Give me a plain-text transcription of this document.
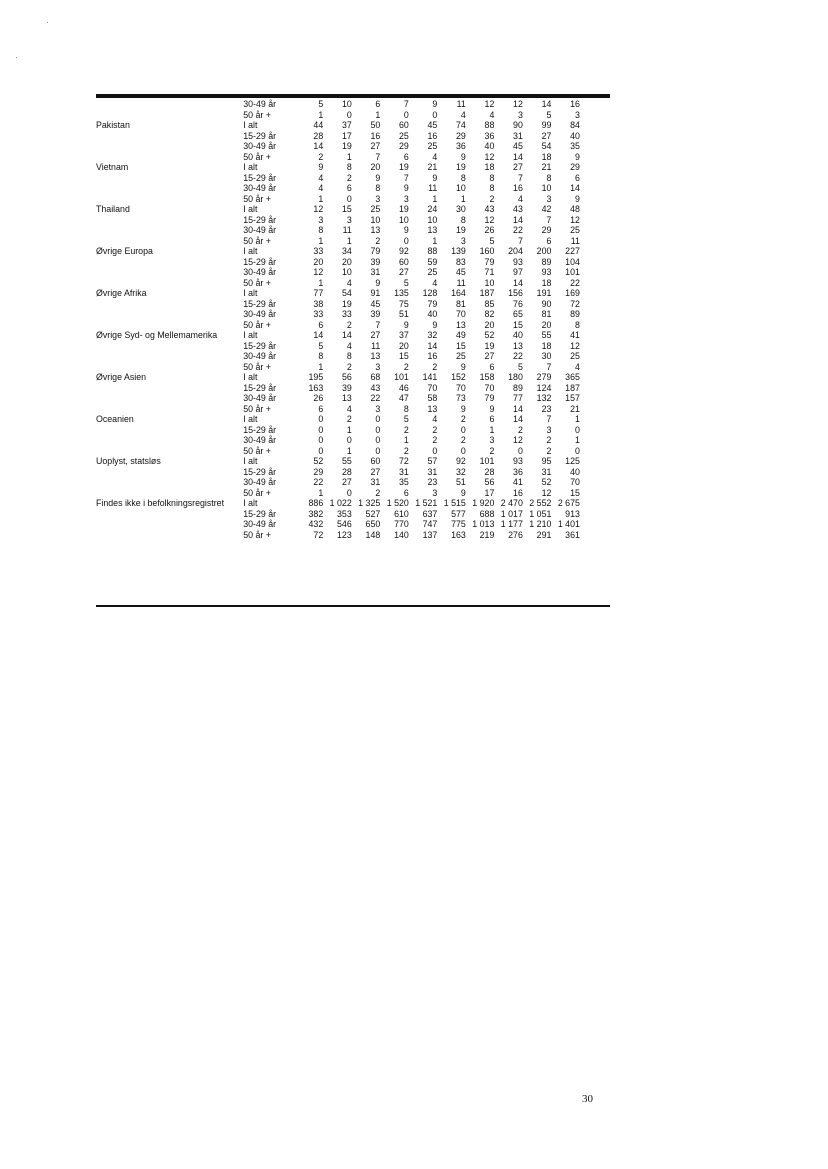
	30-49 år	5	10	6	7	9	11	12	12	14	16
	50 år +	1	0	1	0	0	4	4	3	5	3
Pakistan	I alt	44	37	50	60	45	74	88	90	99	84
	15-29 år	28	17	16	25	16	29	36	31	27	40
	30-49 år	14	19	27	29	25	36	40	45	54	35
	50 år +	2	1	7	6	4	9	12	14	18	9
Vietnam	I alt	9	8	20	19	21	19	18	27	21	29
	15-29 år	4	2	9	7	9	8	8	7	8	6
	30-49 år	4	6	8	9	11	10	8	16	10	14
	50 år +	1	0	3	3	1	1	2	4	3	9
Thailand	I alt	12	15	25	19	24	30	43	43	42	48
	15-29 år	3	3	10	10	10	8	12	14	7	12
	30-49 år	8	11	13	9	13	19	26	22	29	25
	50 år +	1	1	2	0	1	3	5	7	6	11
Øvrige Europa	I alt	33	34	79	92	88	139	160	204	200	227
	15-29 år	20	20	39	60	59	83	79	93	89	104
	30-49 år	12	10	31	27	25	45	71	97	93	101
	50 år +	1	4	9	5	4	11	10	14	18	22
Øvrige Afrika	I alt	77	54	91	135	128	164	187	156	191	169
	15-29 år	38	19	45	75	79	81	85	76	90	72
	30-49 år	33	33	39	51	40	70	82	65	81	89
	50 år +	6	2	7	9	9	13	20	15	20	8
Øvrige Syd- og Mellemamerika	I alt	14	14	27	37	32	49	52	40	55	41
	15-29 år	5	4	11	20	14	15	19	13	18	12
	30-49 år	8	8	13	15	16	25	27	22	30	25
	50 år +	1	2	3	2	2	9	6	5	7	4
Øvrige Asien	I alt	195	56	68	101	141	152	158	180	279	365
	15-29 år	163	39	43	46	70	70	70	89	124	187
	30-49 år	26	13	22	47	58	73	79	77	132	157
	50 år +	6	4	3	8	13	9	9	14	23	21
Oceanien	I alt	0	2	0	5	4	2	6	14	7	1
	15-29 år	0	1	0	2	2	0	1	2	3	0
	30-49 år	0	0	0	1	2	2	3	12	2	1
	50 år +	0	1	0	2	0	0	2	0	2	0
Uoplyst, statsløs	I alt	52	55	60	72	57	92	101	93	95	125
	15-29 år	29	28	27	31	31	32	28	36	31	40
	30-49 år	22	27	31	35	23	51	56	41	52	70
	50 år +	1	0	2	6	3	9	17	16	12	15
Findes ikke i befolkningsregistret	I alt	886	1 022	1 325	1 520	1 521	1 515	1 920	2 470	2 552	2 675
	15-29 år	382	353	527	610	637	577	688	1 017	1 051	913
	30-49 år	432	546	650	770	747	775	1 013	1 177	1 210	1 401
	50 år +	72	123	148	140	137	163	219	276	291	361
30
